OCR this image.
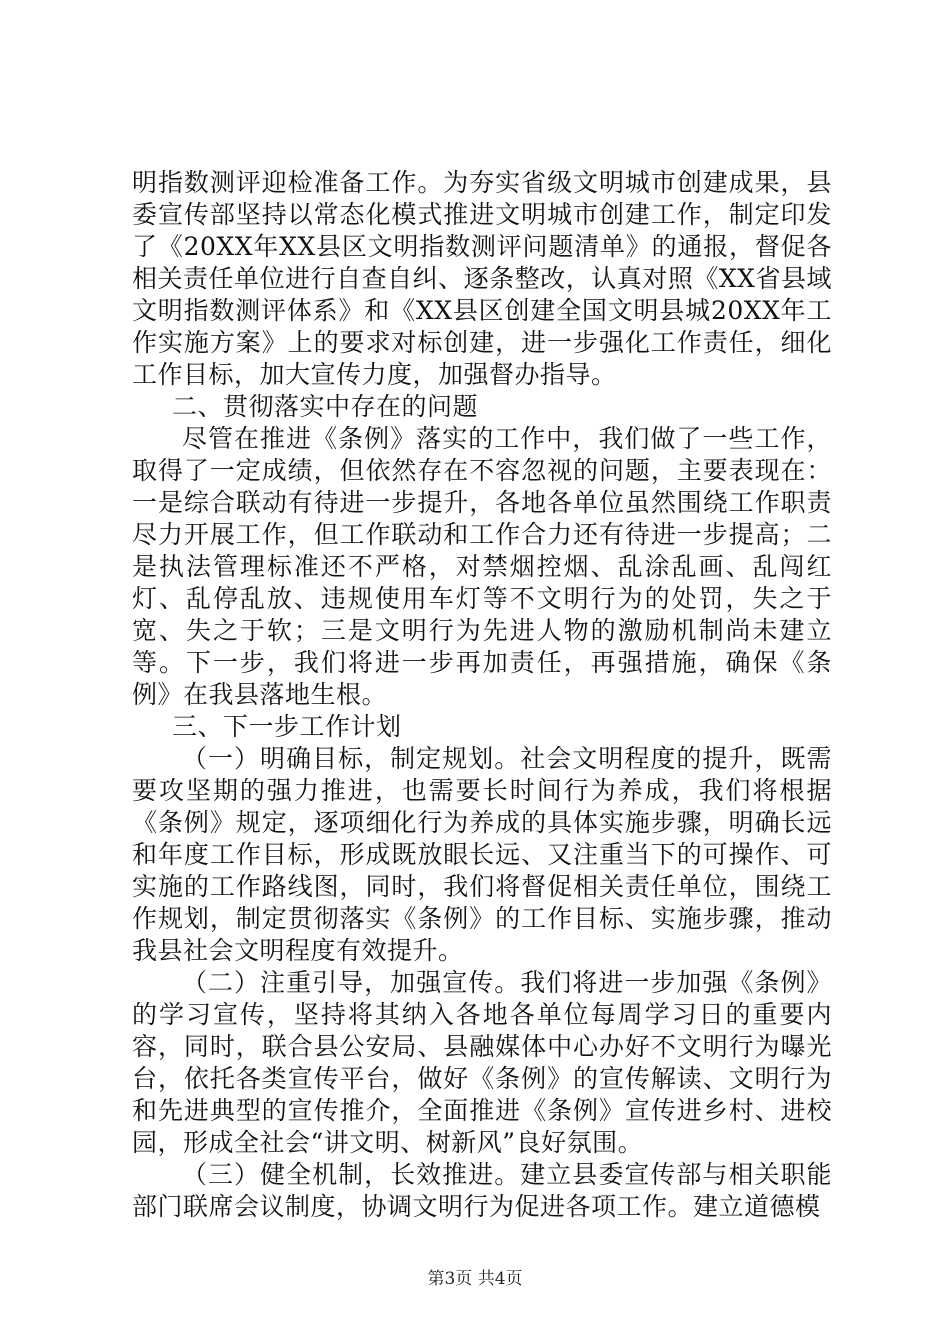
明指数测评迎检准备工作。为夯实省级文明城市创建成果，县委宣传部坚持以常态化模式推进文明城市创建工作，制定印发了《20XX年XX县区文明指数测评问题清单》的通报，督促各相关责任单位进行自查自纠、逐条整改，认真对照《XX省县域文明指数测评体系》和《XX县区创建全国文明县城20XX年工作实施方案》上的要求对标创建，进一步强化工作责任，细化工作目标，加大宣传力度，加强督办指导。

二、贯彻落实中存在的问题

尽管在推进《条例》落实的工作中，我们做了一些工作，取得了一定成绩，但依然存在不容忽视的问题，主要表现在：一是综合联动有待进一步提升，各地各单位虽然围绕工作职责尽力开展工作，但工作联动和工作合力还有待进一步提高；二是执法管理标准还不严格，对禁烟控烟、乱涂乱画、乱闯红灯、乱停乱放、违规使用车灯等不文明行为的处罚，失之于宽、失之于软；三是文明行为先进人物的激励机制尚未建立等。下一步，我们将进一步再加责任，再强措施，确保《条例》在我县落地生根。

三、下一步工作计划

（一）明确目标，制定规划。社会文明程度的提升，既需要攻坚期的强力推进，也需要长时间行为养成，我们将根据《条例》规定，逐项细化行为养成的具体实施步骤，明确长远和年度工作目标，形成既放眼长远、又注重当下的可操作、可实施的工作路线图，同时，我们将督促相关责任单位，围绕工作规划，制定贯彻落实《条例》的工作目标、实施步骤，推动我县社会文明程度有效提升。

（二）注重引导，加强宣传。我们将进一步加强《条例》的学习宣传，坚持将其纳入各地各单位每周学习日的重要内容，同时，联合县公安局、县融媒体中心办好不文明行为曝光台，依托各类宣传平台，做好《条例》的宣传解读、文明行为和先进典型的宣传推介，全面推进《条例》宣传进乡村、进校园，形成全社会“讲文明、树新风”良好氛围。

（三）健全机制，长效推进。建立县委宣传部与相关职能部门联席会议制度，协调文明行为促进各项工作。建立道德模

第3页 共4页
